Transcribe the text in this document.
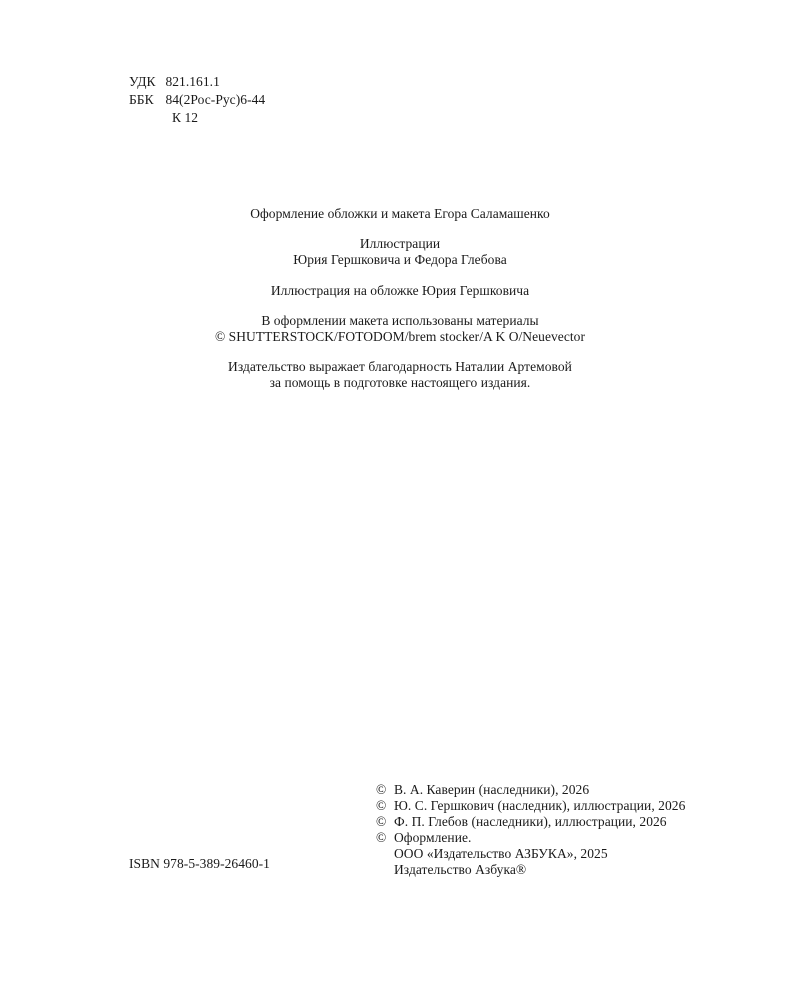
УДК 821.161.1
ББК 84(2Рос-Рус)6-44
К 12
Оформление обложки и макета Егора Саламашенко
Иллюстрации
Юрия Гершковича и Федора Глебова
Иллюстрация на обложке Юрия Гершковича
В оформлении макета использованы материалы
© SHUTTERSTOCK/FOTODOM/brem stocker/A K O/Neuevector
Издательство выражает благодарность Наталии Артемовой
за помощь в подготовке настоящего издания.
© В. А. Каверин (наследники), 2026
© Ю. С. Гершкович (наследник), иллюстрации, 2026
© Ф. П. Глебов (наследники), иллюстрации, 2026
© Оформление.
ООО «Издательство АЗБУКА», 2025
ISBN 978-5-389-26460-1	Издательство Азбука®
